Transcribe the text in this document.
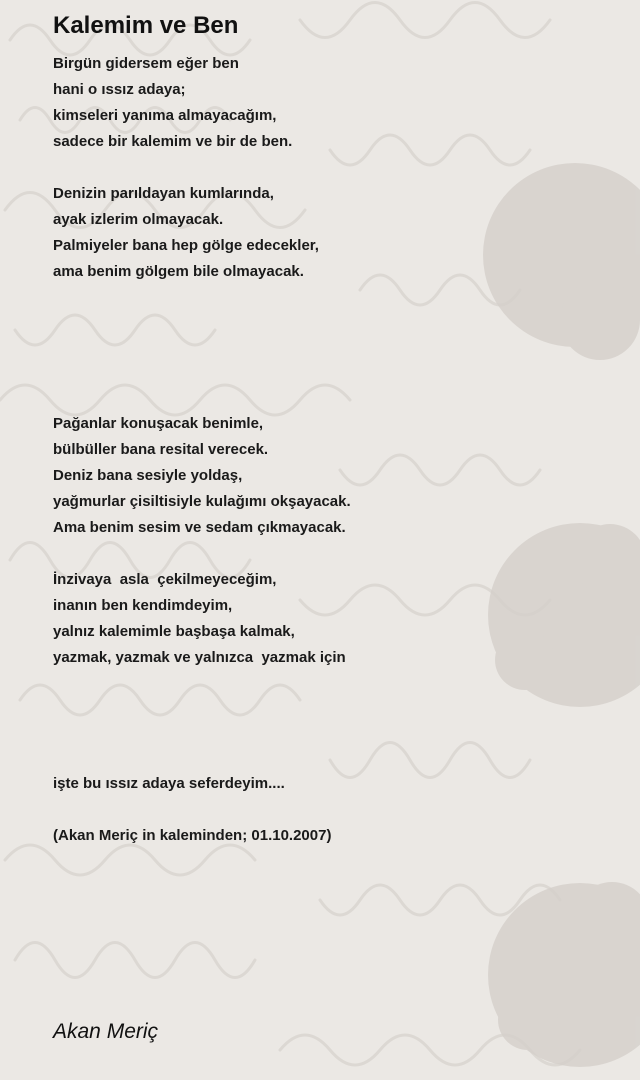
Kalemim ve Ben
Birgün gidersem eğer ben
hani o ıssız adaya;
kimseleri yanıma almayacağım,
sadece bir kalemim ve bir de ben.
Denizin parıldayan kumlarında,
ayak izlerim olmayacak.
Palmiyeler bana hep gölge edecekler,
ama benim gölgem bile olmayacak.
Pağanlar konuşacak benimle,
bülbüller bana resital verecek.
Deniz bana sesiyle yoldaş,
yağmurlar çisiltisiyle kulağımı okşayacak.
Ama benim sesim ve sedam çıkmayacak.
İnzivaya  asla  çekilmeyeceğim,
inanın ben kendimdeyim,
yalnız kalemimle başbaşa kalmak,
yazmak, yazmak ve yalnızca  yazmak için
işte bu ıssız adaya seferdeyim....
(Akan Meriç in kaleminden; 01.10.2007)
Akan Meriç
